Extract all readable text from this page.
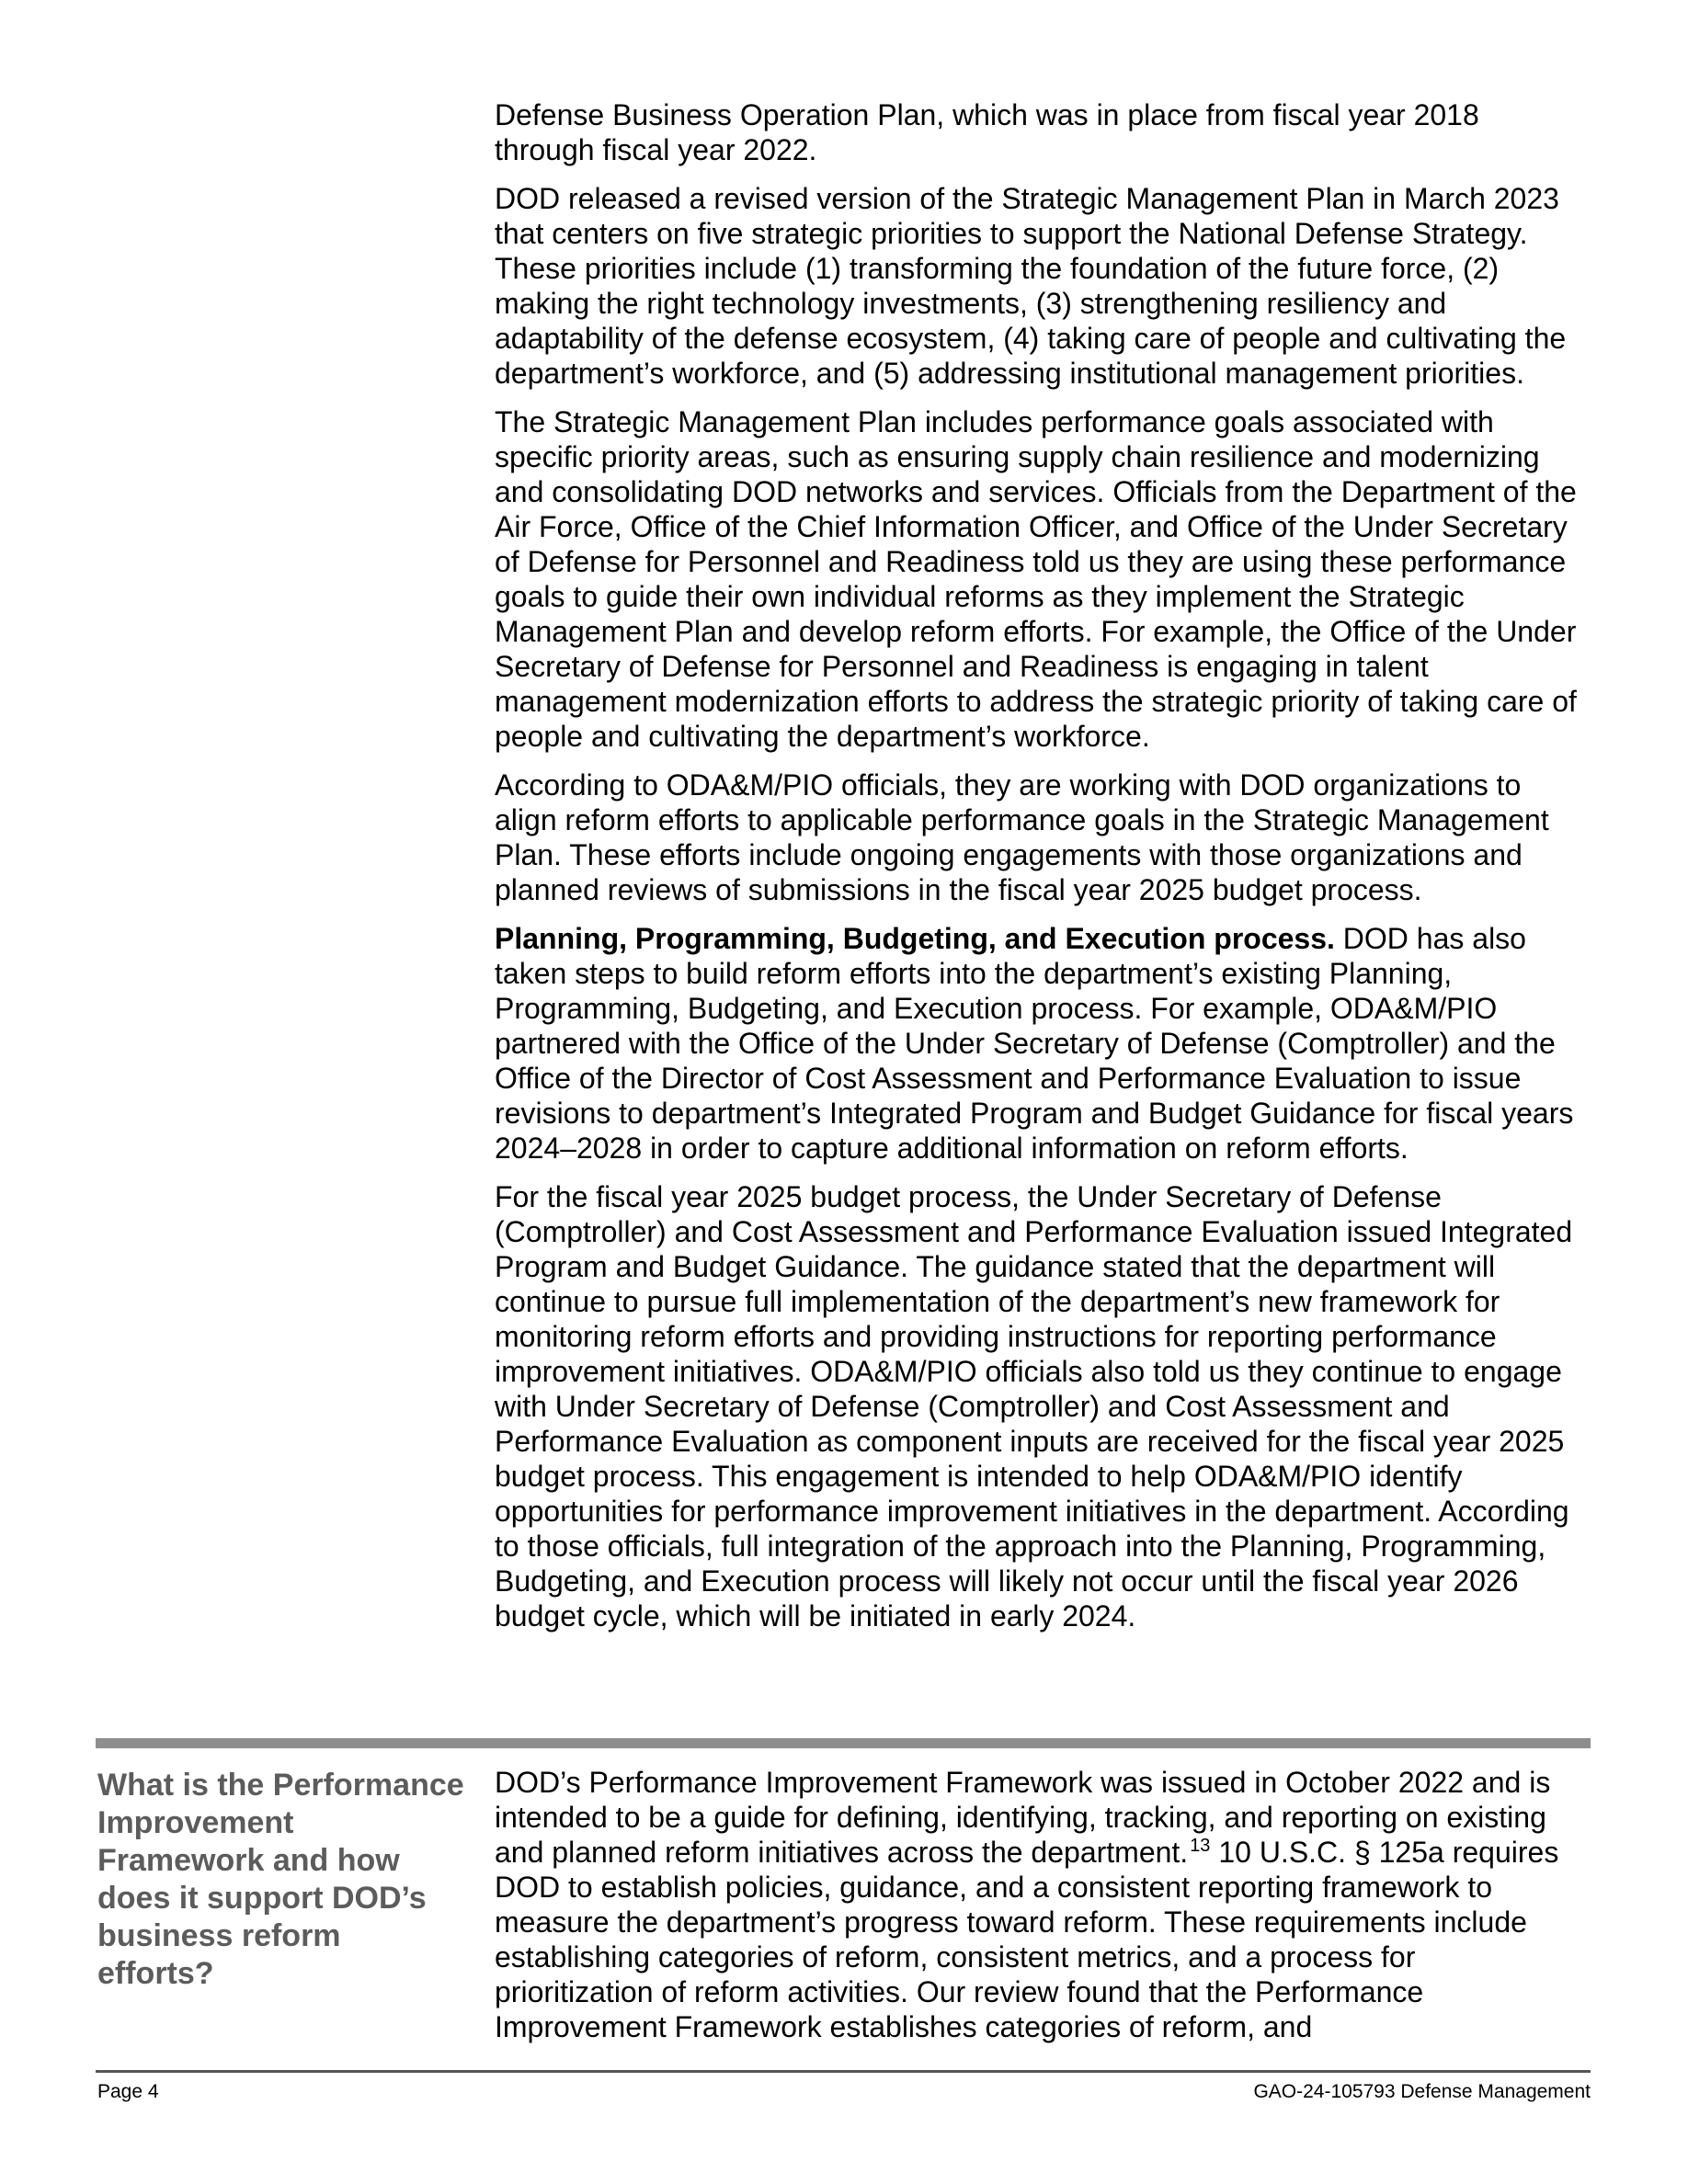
Defense Business Operation Plan, which was in place from fiscal year 2018 through fiscal year 2022.

DOD released a revised version of the Strategic Management Plan in March 2023 that centers on five strategic priorities to support the National Defense Strategy. These priorities include (1) transforming the foundation of the future force, (2) making the right technology investments, (3) strengthening resiliency and adaptability of the defense ecosystem, (4) taking care of people and cultivating the department’s workforce, and (5) addressing institutional management priorities.

The Strategic Management Plan includes performance goals associated with specific priority areas, such as ensuring supply chain resilience and modernizing and consolidating DOD networks and services. Officials from the Department of the Air Force, Office of the Chief Information Officer, and Office of the Under Secretary of Defense for Personnel and Readiness told us they are using these performance goals to guide their own individual reforms as they implement the Strategic Management Plan and develop reform efforts. For example, the Office of the Under Secretary of Defense for Personnel and Readiness is engaging in talent management modernization efforts to address the strategic priority of taking care of people and cultivating the department’s workforce.

According to ODA&M/PIO officials, they are working with DOD organizations to align reform efforts to applicable performance goals in the Strategic Management Plan. These efforts include ongoing engagements with those organizations and planned reviews of submissions in the fiscal year 2025 budget process.

Planning, Programming, Budgeting, and Execution process. DOD has also taken steps to build reform efforts into the department’s existing Planning, Programming, Budgeting, and Execution process. For example, ODA&M/PIO partnered with the Office of the Under Secretary of Defense (Comptroller) and the Office of the Director of Cost Assessment and Performance Evaluation to issue revisions to department’s Integrated Program and Budget Guidance for fiscal years 2024–2028 in order to capture additional information on reform efforts.

For the fiscal year 2025 budget process, the Under Secretary of Defense (Comptroller) and Cost Assessment and Performance Evaluation issued Integrated Program and Budget Guidance. The guidance stated that the department will continue to pursue full implementation of the department’s new framework for monitoring reform efforts and providing instructions for reporting performance improvement initiatives. ODA&M/PIO officials also told us they continue to engage with Under Secretary of Defense (Comptroller) and Cost Assessment and Performance Evaluation as component inputs are received for the fiscal year 2025 budget process. This engagement is intended to help ODA&M/PIO identify opportunities for performance improvement initiatives in the department. According to those officials, full integration of the approach into the Planning, Programming, Budgeting, and Execution process will likely not occur until the fiscal year 2026 budget cycle, which will be initiated in early 2024.

What is the Performance Improvement Framework and how does it support DOD’s business reform efforts?

DOD’s Performance Improvement Framework was issued in October 2022 and is intended to be a guide for defining, identifying, tracking, and reporting on existing and planned reform initiatives across the department. $^{13}$ 10 U.S.C. § 125a requires DOD to establish policies, guidance, and a consistent reporting framework to measure the department’s progress toward reform. These requirements include establishing categories of reform, consistent metrics, and a process for prioritization of reform activities. Our review found that the Performance Improvement Framework establishes categories of reform, and

Page 4	GAO-24-105793 Defense Management
